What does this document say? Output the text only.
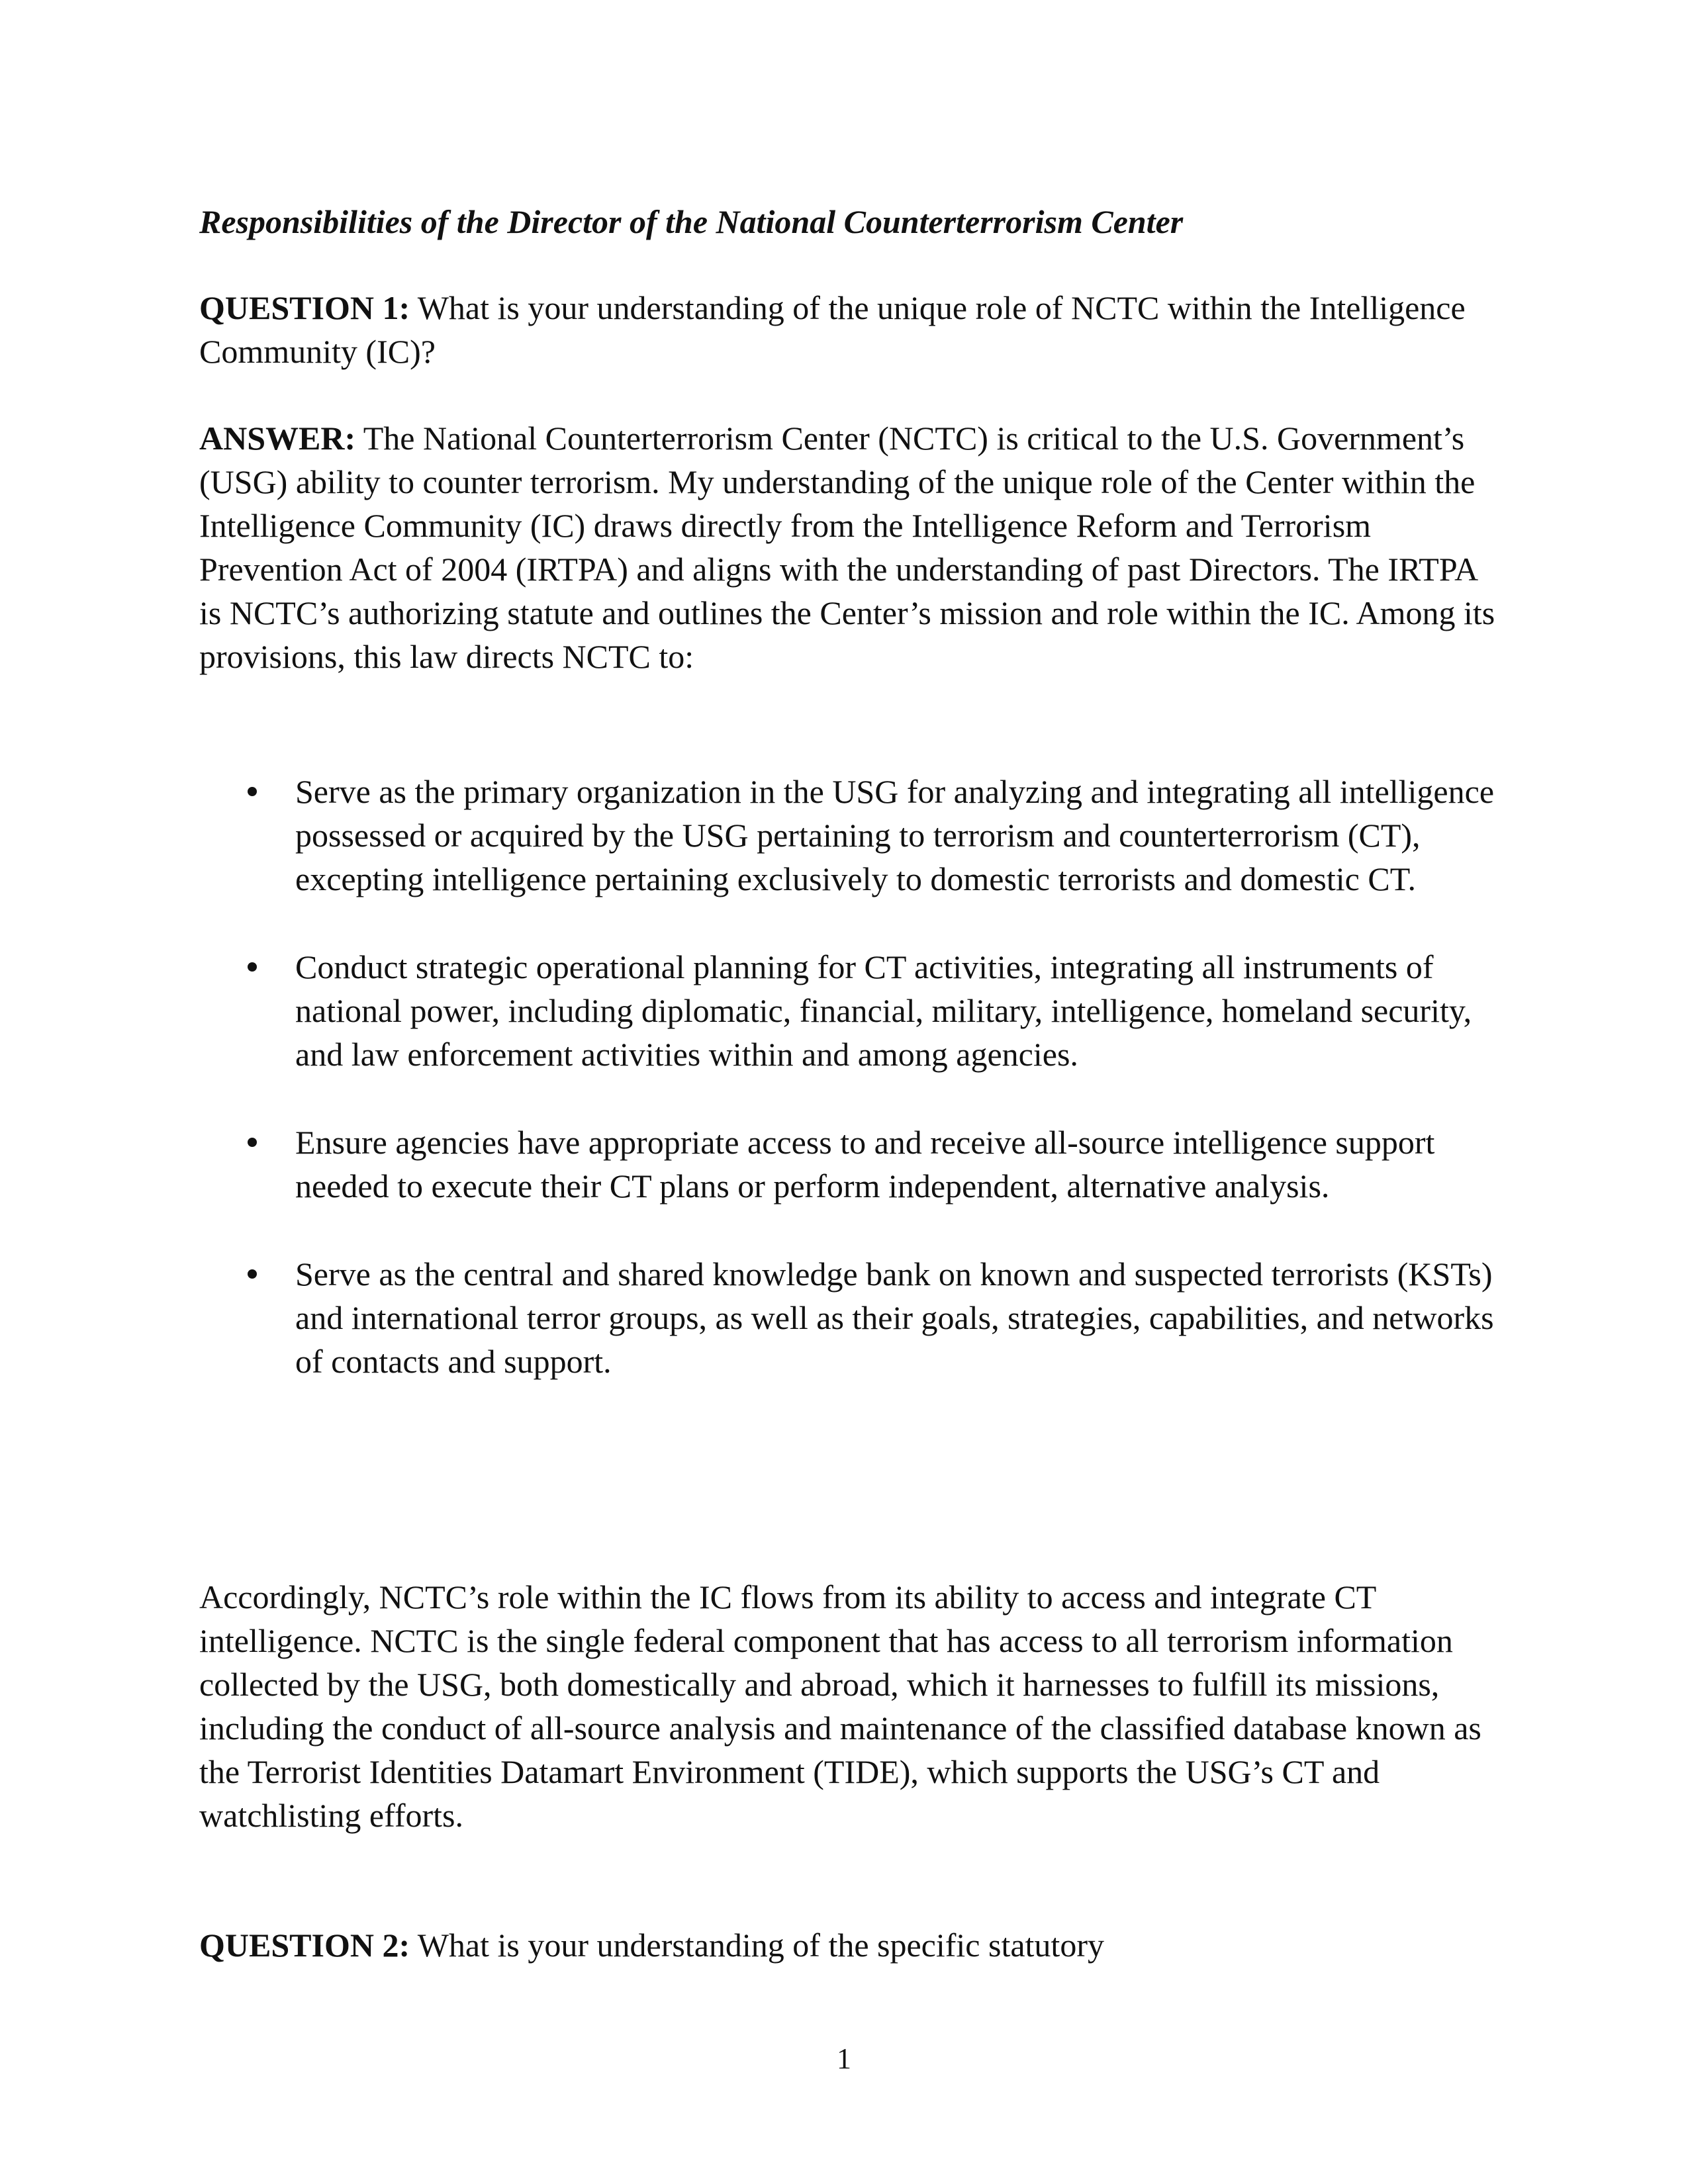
Responsibilities of the Director of the National Counterterrorism Center

QUESTION 1: What is your understanding of the unique role of NCTC within the Intelligence Community (IC)?

ANSWER: The National Counterterrorism Center (NCTC) is critical to the U.S. Government’s (USG) ability to counter terrorism. My understanding of the unique role of the Center within the Intelligence Community (IC) draws directly from the Intelligence Reform and Terrorism Prevention Act of 2004 (IRTPA) and aligns with the understanding of past Directors. The IRTPA is NCTC’s authorizing statute and outlines the Center’s mission and role within the IC. Among its provisions, this law directs NCTC to:

Serve as the primary organization in the USG for analyzing and integrating all intelligence possessed or acquired by the USG pertaining to terrorism and counterterrorism (CT), excepting intelligence pertaining exclusively to domestic terrorists and domestic CT.
Conduct strategic operational planning for CT activities, integrating all instruments of national power, including diplomatic, financial, military, intelligence, homeland security, and law enforcement activities within and among agencies.
Ensure agencies have appropriate access to and receive all-source intelligence support needed to execute their CT plans or perform independent, alternative analysis.
Serve as the central and shared knowledge bank on known and suspected terrorists (KSTs) and international terror groups, as well as their goals, strategies, capabilities, and networks of contacts and support.

Accordingly, NCTC’s role within the IC flows from its ability to access and integrate CT intelligence. NCTC is the single federal component that has access to all terrorism information collected by the USG, both domestically and abroad, which it harnesses to fulfill its missions, including the conduct of all-source analysis and maintenance of the classified database known as the Terrorist Identities Datamart Environment (TIDE), which supports the USG’s CT and watchlisting efforts.

QUESTION 2: What is your understanding of the specific statutory

1
